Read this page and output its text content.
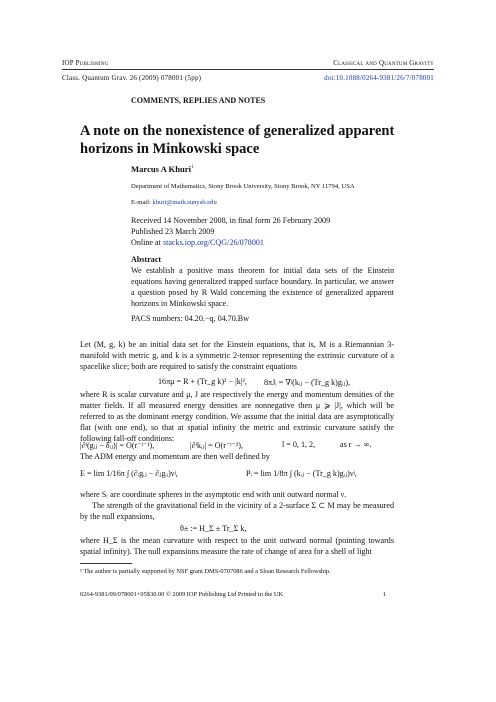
IOP Publishing	Classical and Quantum Gravity
Class. Quantum Grav. 26 (2009) 078001 (5pp)	doi:10.1088/0264-9381/26/7/078001
COMMENTS, REPLIES AND NOTES
A note on the nonexistence of generalized apparent horizons in Minkowski space
Marcus A Khuri$^1$
Department of Mathematics, Stony Brook University, Stony Brook, NY 11794, USA
E-mail: khuri@math.sunysb.edu
Received 14 November 2008, in final form 26 February 2009
Published 23 March 2009
Online at stacks.iop.org/CQG/26/078001
Abstract
We establish a positive mass theorem for initial data sets of the Einstein equations having generalized trapped surface boundary. In particular, we answer a question posed by R Wald concerning the existence of generalized apparent horizons in Minkowski space.
PACS numbers: 04.20.−q, 04.70.Bw
Let (M, g, k) be an initial data set for the Einstein equations, that is, M is a Riemannian 3-manifold with metric g, and k is a symmetric 2-tensor representing the extrinsic curvature of a spacelike slice; both are required to satisfy the constraint equations
16πμ = R + (Tr_g k)² − |k|², 8πJᵢ = ∇ʲ(kᵢⱼ − (Tr_g k)gᵢⱼ),
where R is scalar curvature and μ, J are respectively the energy and momentum densities of the matter fields. If all measured energy densities are nonnegative then μ ⩾ |J|, which will be referred to as the dominant energy condition. We assume that the initial data are asymptotically flat (with one end), so that at spatial infinity the metric and extrinsic curvature satisfy the following fall-off conditions:
|∂ˡ(gᵢⱼ − δᵢⱼ)| = O(r⁻ˡ⁻¹),	|∂ˡkᵢⱼ| = O(r⁻ˡ⁻²),	l = 0, 1, 2,	as r → ∞.
The ADM energy and momentum are then well defined by
E = lim 1/16π ∫ (∂ᵢgᵢⱼ − ∂ⱼgᵢᵢ)νʲ,	Pᵢ = lim 1/8π ∫ (kᵢⱼ − (Tr_g k)gᵢⱼ)νʲ,
where Sᵣ are coordinate spheres in the asymptotic end with unit outward normal ν.
The strength of the gravitational field in the vicinity of a 2-surface Σ ⊂ M may be measured by the null expansions,
θ± := H_Σ ± Tr_Σ k,
where H_Σ is the mean curvature with respect to the unit outward normal (pointing towards spatial infinity). The null expansions measure the rate of change of area for a shell of light
¹ The author is partially supported by NSF grant DMS-0707086 and a Sloan Research Fellowship.
0264-9381/09/078001+05$30.00 © 2009 IOP Publishing Ltd Printed in the UK	1
